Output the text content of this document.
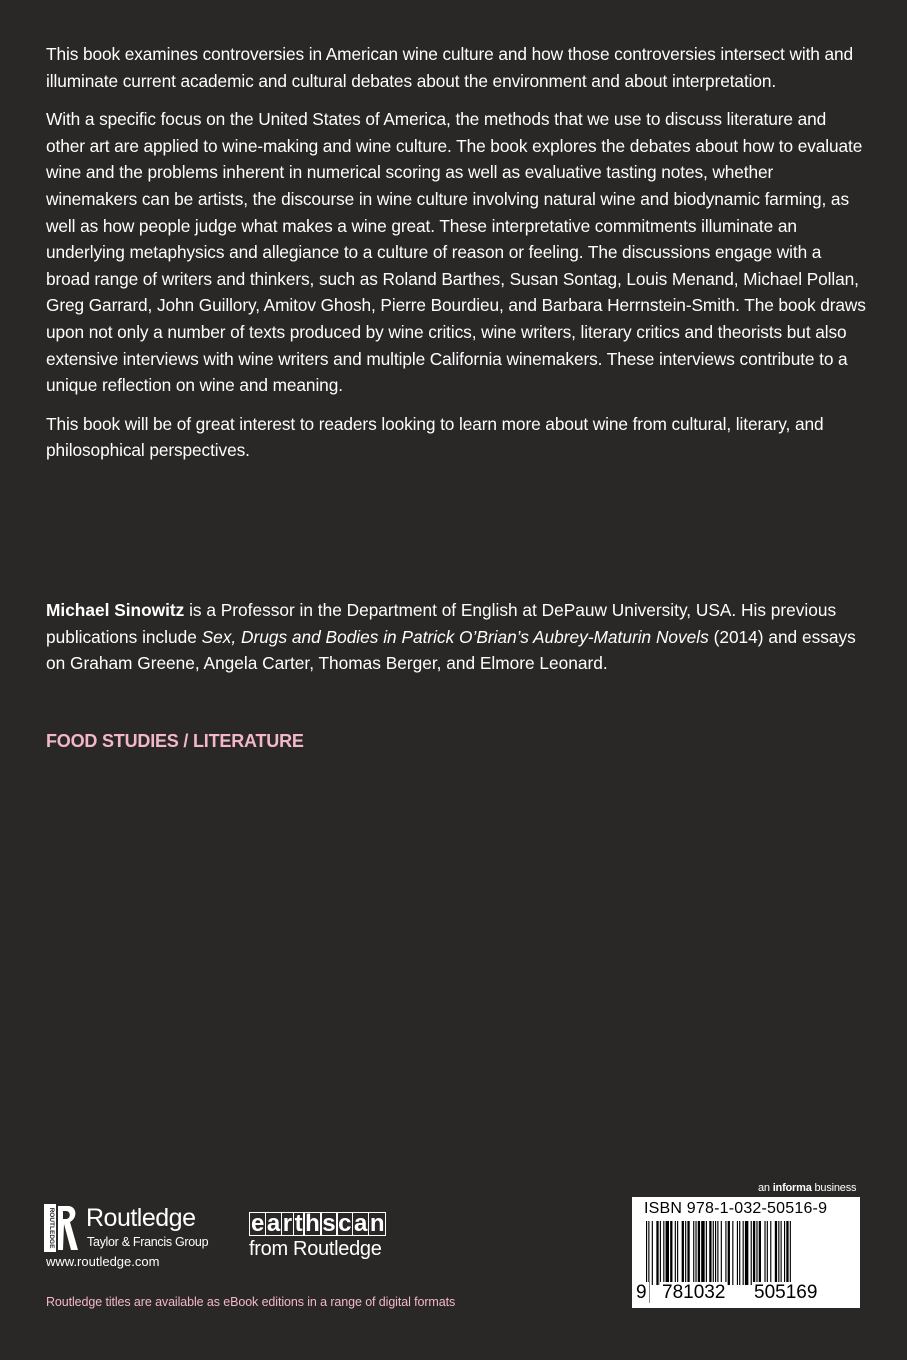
This book examines controversies in American wine culture and how those controversies intersect with and illuminate current academic and cultural debates about the environment and about interpretation.

With a specific focus on the United States of America, the methods that we use to discuss literature and other art are applied to wine-making and wine culture. The book explores the debates about how to evaluate wine and the problems inherent in numerical scoring as well as evaluative tasting notes, whether winemakers can be artists, the discourse in wine culture involving natural wine and biodynamic farming, as well as how people judge what makes a wine great. These interpretative commitments illuminate an underlying metaphysics and allegiance to a culture of reason or feeling. The discussions engage with a broad range of writers and thinkers, such as Roland Barthes, Susan Sontag, Louis Menand, Michael Pollan, Greg Garrard, John Guillory, Amitov Ghosh, Pierre Bourdieu, and Barbara Herrnstein-Smith. The book draws upon not only a number of texts produced by wine critics, wine writers, literary critics and theorists but also extensive interviews with wine writers and multiple California winemakers. These interviews contribute to a unique reflection on wine and meaning.

This book will be of great interest to readers looking to learn more about wine from cultural, literary, and philosophical perspectives.

Michael Sinowitz is a Professor in the Department of English at DePauw University, USA. His previous publications include Sex, Drugs and Bodies in Patrick O’Brian’s Aubrey-Maturin Novels (2014) and essays on Graham Greene, Angela Carter, Thomas Berger, and Elmore Leonard.

FOOD STUDIES / LITERATURE
ROUTLEDGE Routledge
Taylor & Francis Group
www.routledge.com
e a r t h s c a n
from Routledge
Routledge titles are available as eBook editions in a range of digital formats
an informa business
ISBN 978-1-032-50516-9
9 781032 505169
